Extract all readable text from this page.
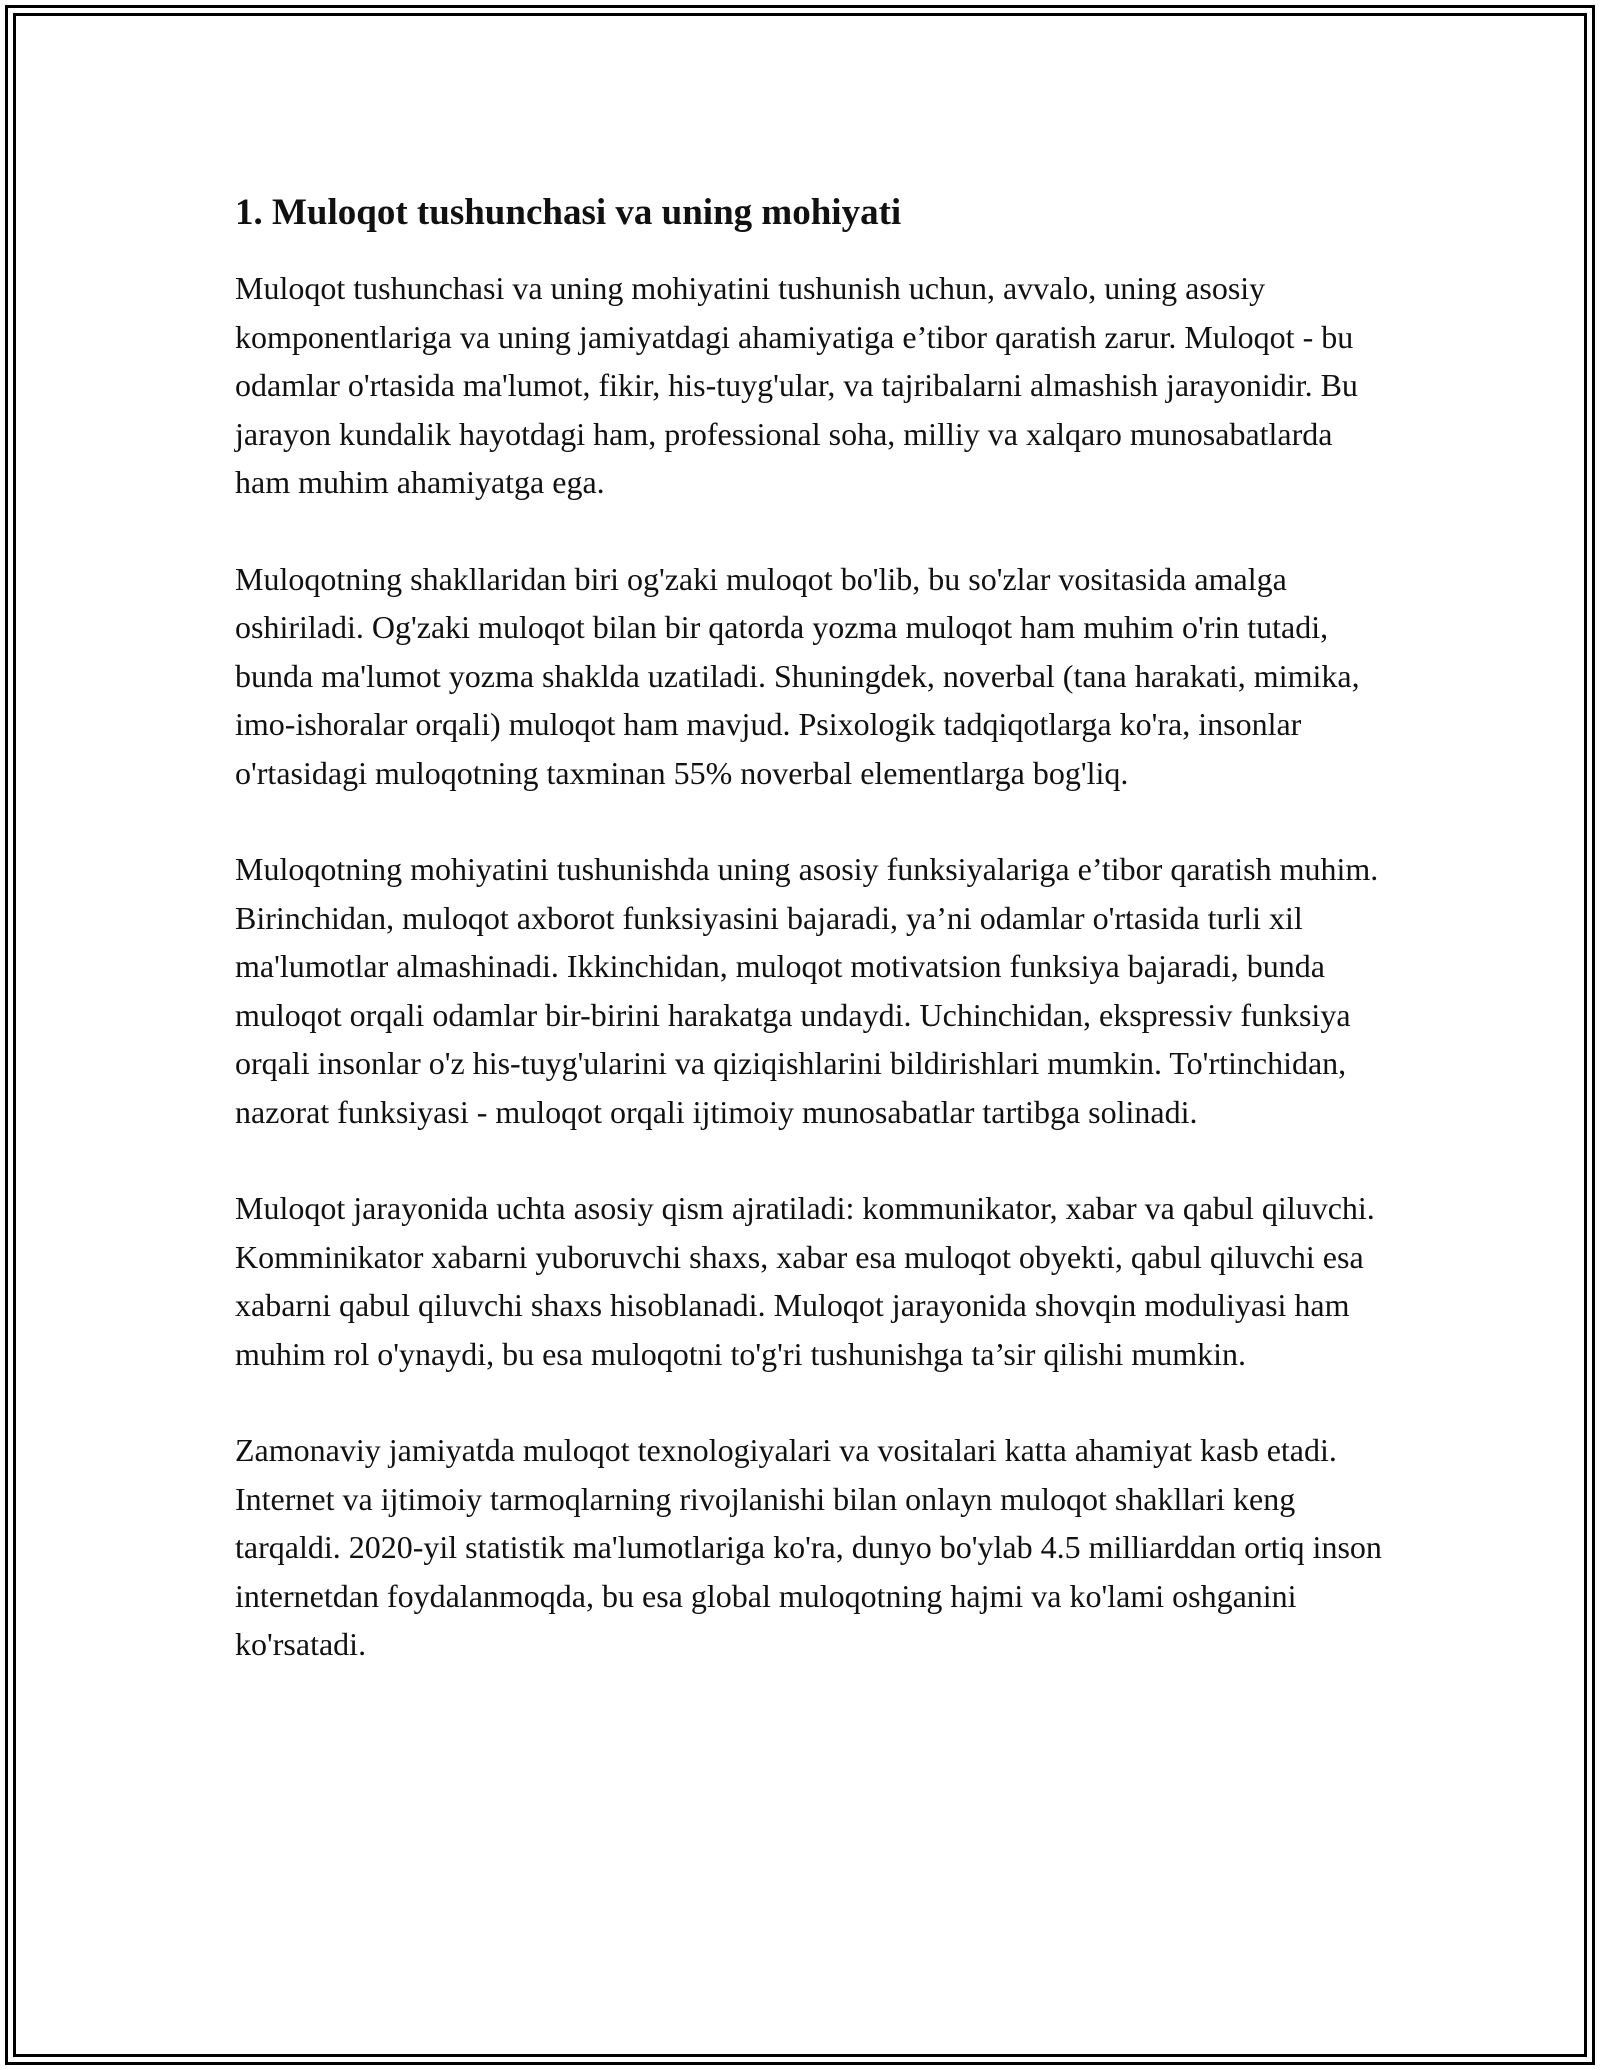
1. Muloqot tushunchasi va uning mohiyati

Muloqot tushunchasi va uning mohiyatini tushunish uchun, avvalo, uning asosiy komponentlariga va uning jamiyatdagi ahamiyatiga e’tibor qaratish zarur. Muloqot - bu odamlar o'rtasida ma'lumot, fikir, his-tuyg'ular, va tajribalarni almashish jarayonidir. Bu jarayon kundalik hayotdagi ham, professional soha, milliy va xalqaro munosabatlarda ham muhim ahamiyatga ega.

Muloqotning shakllaridan biri og'zaki muloqot bo'lib, bu so'zlar vositasida amalga oshiriladi. Og'zaki muloqot bilan bir qatorda yozma muloqot ham muhim o'rin tutadi, bunda ma'lumot yozma shakldа uzatiladi. Shuningdek, noverbal (tana harakati, mimika, imo-ishoralar orqali) muloqot ham mavjud. Psixologik tadqiqotlarga ko'ra, insonlar o'rtasidagi muloqotning taxminan 55% noverbal elementlarga bog'liq.

Muloqotning mohiyatini tushunishda uning asosiy funksiyalariga e’tibor qaratish muhim. Birinchidan, muloqot axborot funksiyasini bajaradi, ya’ni odamlar o'rtasida turli xil ma'lumotlar almashinadi. Ikkinchidan, muloqot motivatsion funksiya bajaradi, bunda muloqot orqali odamlar bir-birini harakatga undaydi. Uchinchidan, ekspressiv funksiya orqali insonlar o'z his-tuyg'ularini va qiziqishlarini bildirishlari mumkin. To'rtinchidan, nazorat funksiyasi - muloqot orqali ijtimoiy munosabatlar tartibga solinadi.

Muloqot jarayonida uchta asosiy qism ajratiladi: kommunikator, xabar va qabul qiluvchi. Komminikator xabarni yuboruvchi shaxs, xabar esa muloqot obyekti, qabul qiluvchi esa xabarni qabul qiluvchi shaxs hisoblanadi. Muloqot jarayonida shovqin moduliyasi ham muhim rol o'ynaydi, bu esa muloqotni to'g'ri tushunishga ta’sir qilishi mumkin.

Zamonaviy jamiyatda muloqot texnologiyalari va vositalari katta ahamiyat kasb etadi. Internet va ijtimoiy tarmoqlarning rivojlanishi bilan onlayn muloqot shakllari keng tarqaldi. 2020-yil statistik ma'lumotlariga ko'ra, dunyo bo'ylab 4.5 milliarddan ortiq inson internetdan foydalanmoqda, bu esa global muloqotning hajmi va ko'lami oshganini ko'rsatadi.
